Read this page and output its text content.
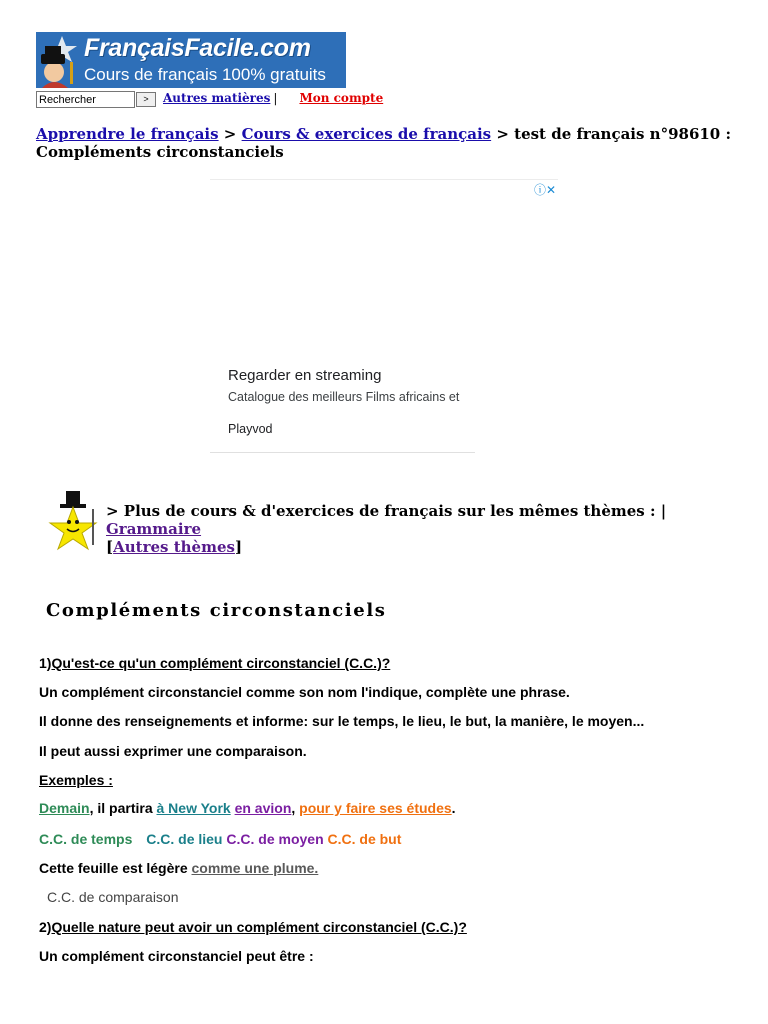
FrançaisFacile.com
Cours de français 100% gratuits
Rechercher
>	Autres matières | Mon compte
Apprendre le français > Cours & exercices de français > test de français n°98610 : Compléments circonstanciels
ⓘ✕
Regarder en streaming
Catalogue des meilleurs Films africains et
Playvod
> Plus de cours & d'exercices de français sur les mêmes thèmes : | Grammaire
[Autres thèmes]
Compléments circonstanciels
1)Qu'est-ce qu'un complément circonstanciel (C.C.)?
Un complément circonstanciel comme son nom l'indique, complète une phrase.
Il donne des renseignements et informe: sur le temps, le lieu, le but, la manière, le moyen...
Il peut aussi exprimer une comparaison.
Exemples :
Demain, il partira à New York en avion, pour y faire ses études.
C.C. de temps C.C. de lieu C.C. de moyen C.C. de but
Cette feuille est légère comme une plume.
C.C. de comparaison
2)Quelle nature peut avoir un complément circonstanciel (C.C.)?
Un complément circonstanciel peut être :
